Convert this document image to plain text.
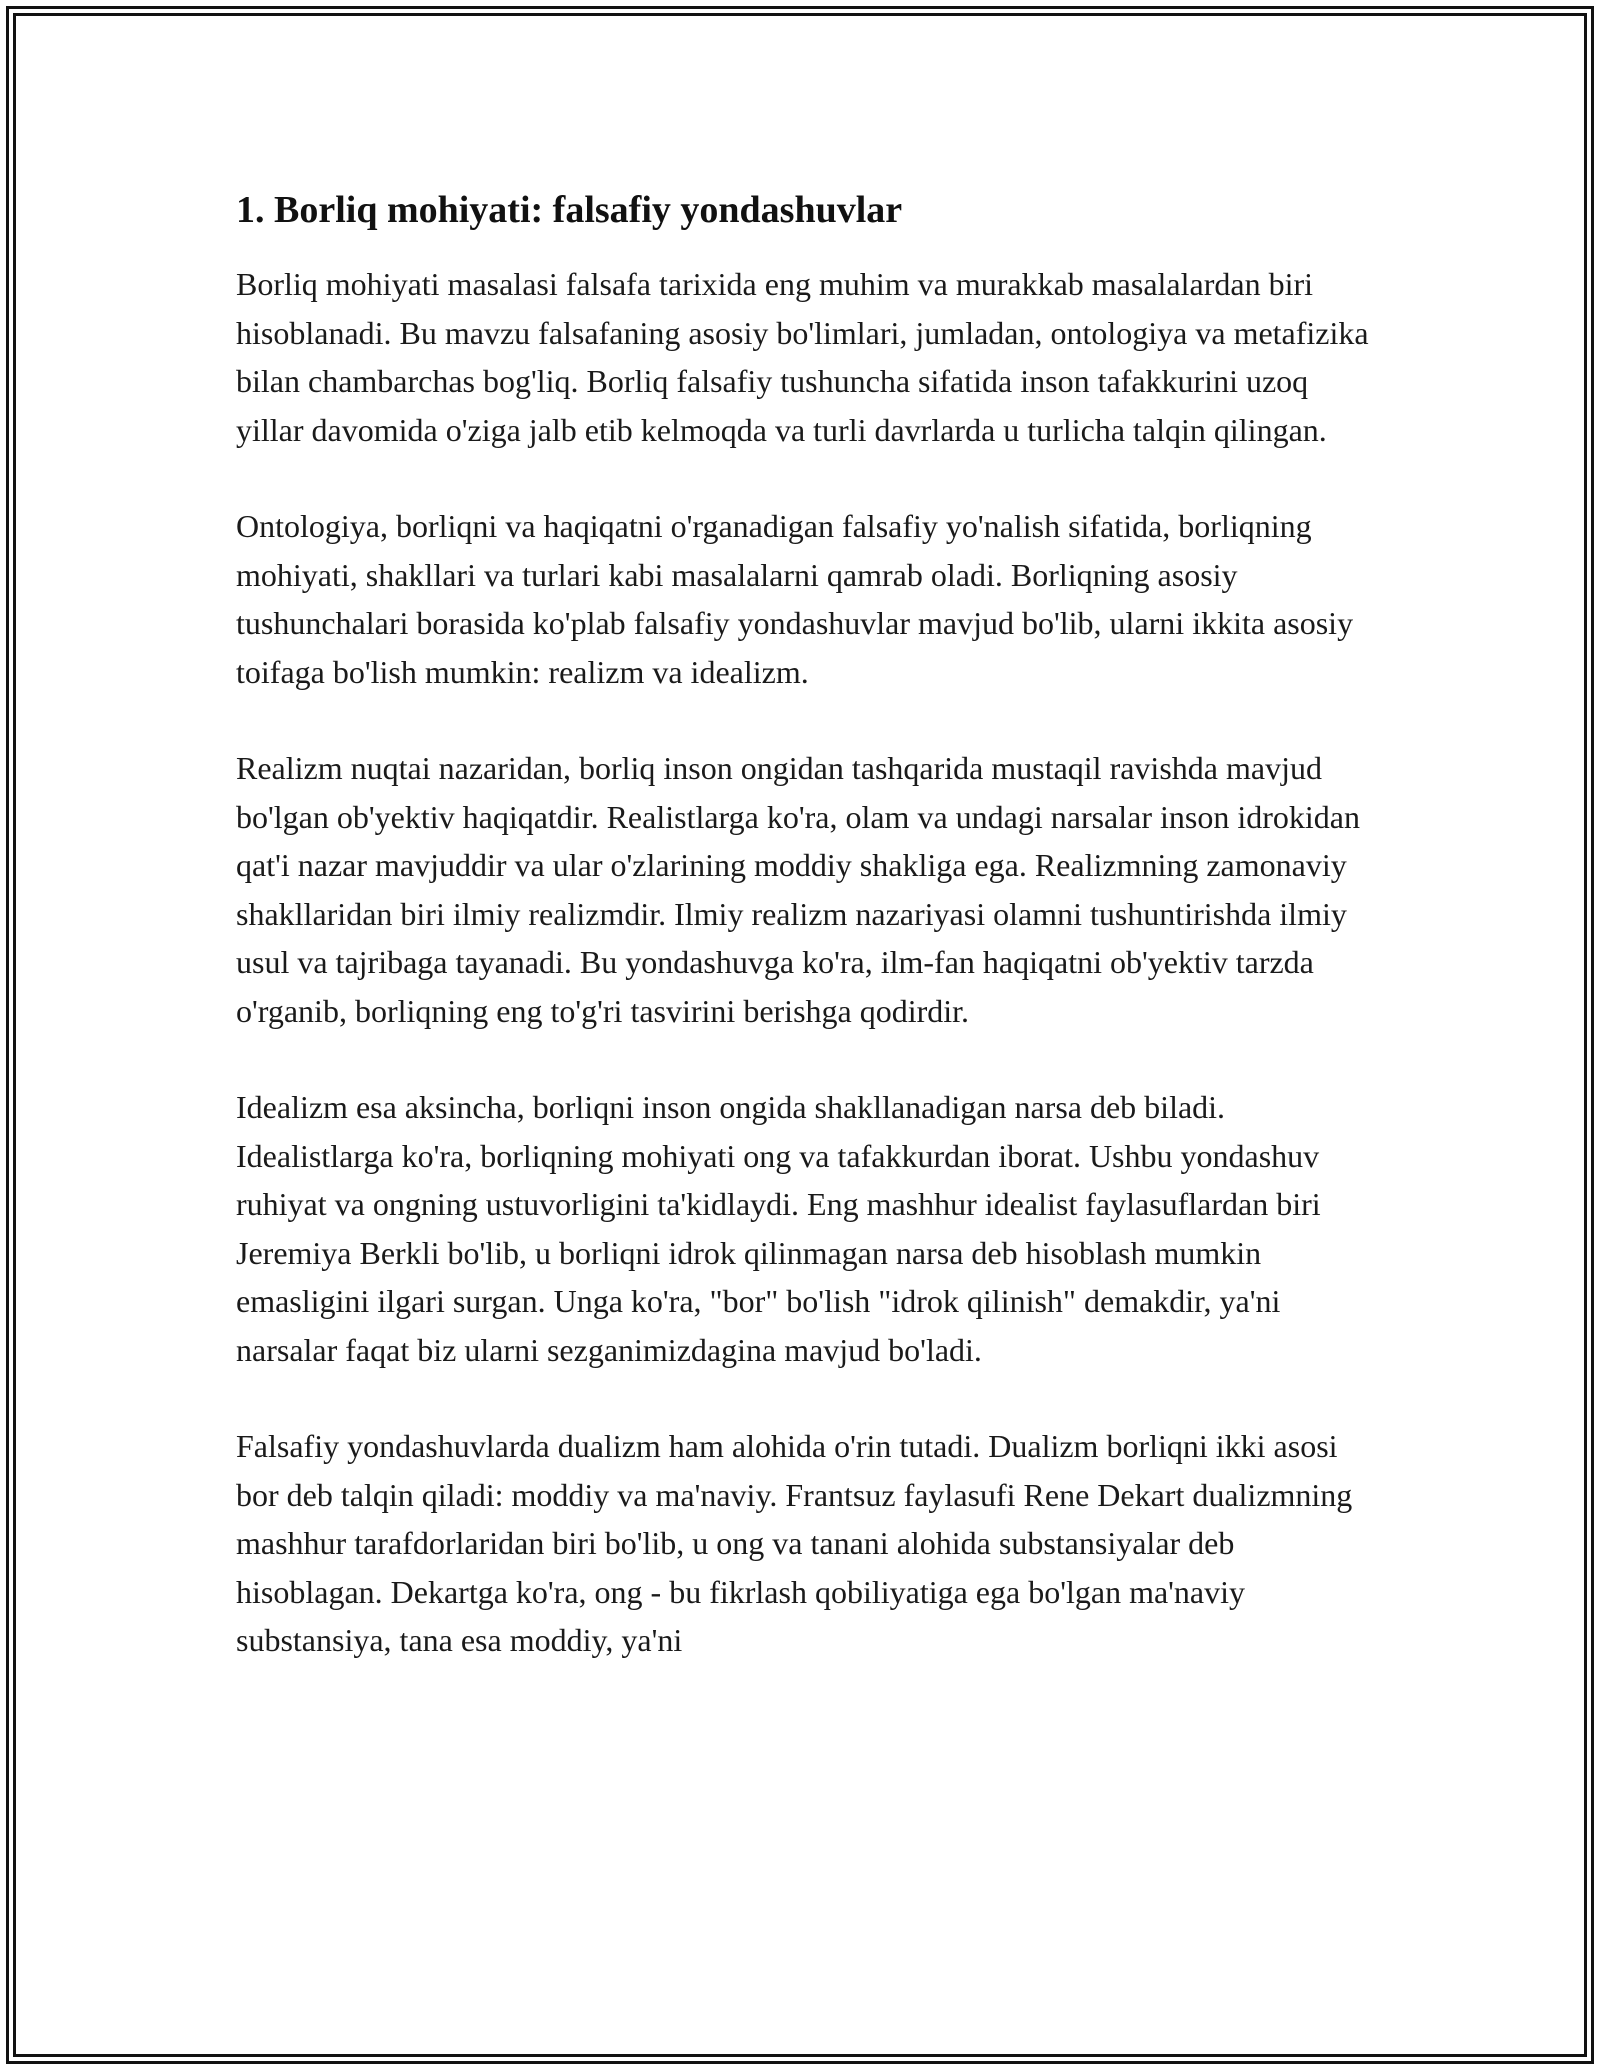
1. Borliq mohiyati: falsafiy yondashuvlar

Borliq mohiyati masalasi falsafa tarixida eng muhim va murakkab masalalardan biri hisoblanadi. Bu mavzu falsafaning asosiy bo'limlari, jumladan, ontologiya va metafizika bilan chambarchas bog'liq. Borliq falsafiy tushuncha sifatida inson tafakkurini uzoq yillar davomida o'ziga jalb etib kelmoqda va turli davrlarda u turlicha talqin qilingan.

Ontologiya, borliqni va haqiqatni o'rganadigan falsafiy yo'nalish sifatida, borliqning mohiyati, shakllari va turlari kabi masalalarni qamrab oladi. Borliqning asosiy tushunchalari borasida ko'plab falsafiy yondashuvlar mavjud bo'lib, ularni ikkita asosiy toifaga bo'lish mumkin: realizm va idealizm.

Realizm nuqtai nazaridan, borliq inson ongidan tashqarida mustaqil ravishda mavjud bo'lgan ob'yektiv haqiqatdir. Realistlarga ko'ra, olam va undagi narsalar inson idrokidan qat'i nazar mavjuddir va ular o'zlarining moddiy shakliga ega. Realizmning zamonaviy shakllaridan biri ilmiy realizmdir. Ilmiy realizm nazariyasi olamni tushuntirishda ilmiy usul va tajribaga tayanadi. Bu yondashuvga ko'ra, ilm-fan haqiqatni ob'yektiv tarzda o'rganib, borliqning eng to'g'ri tasvirini berishga qodirdir.

Idealizm esa aksincha, borliqni inson ongida shakllanadigan narsa deb biladi. Idealistlarga ko'ra, borliqning mohiyati ong va tafakkurdan iborat. Ushbu yondashuv ruhiyat va ongning ustuvorligini ta'kidlaydi. Eng mashhur idealist faylasuflardan biri Jeremiya Berkli bo'lib, u borliqni idrok qilinmagan narsa deb hisoblash mumkin emasligini ilgari surgan. Unga ko'ra, "bor" bo'lish "idrok qilinish" demakdir, ya'ni narsalar faqat biz ularni sezganimizdagina mavjud bo'ladi.

Falsafiy yondashuvlarda dualizm ham alohida o'rin tutadi. Dualizm borliqni ikki asosi bor deb talqin qiladi: moddiy va ma'naviy. Frantsuz faylasufi Rene Dekart dualizmning mashhur tarafdorlaridan biri bo'lib, u ong va tanani alohida substansiyalar deb hisoblagan. Dekartga ko'ra, ong - bu fikrlash qobiliyatiga ega bo'lgan ma'naviy substansiya, tana esa moddiy, ya'ni
